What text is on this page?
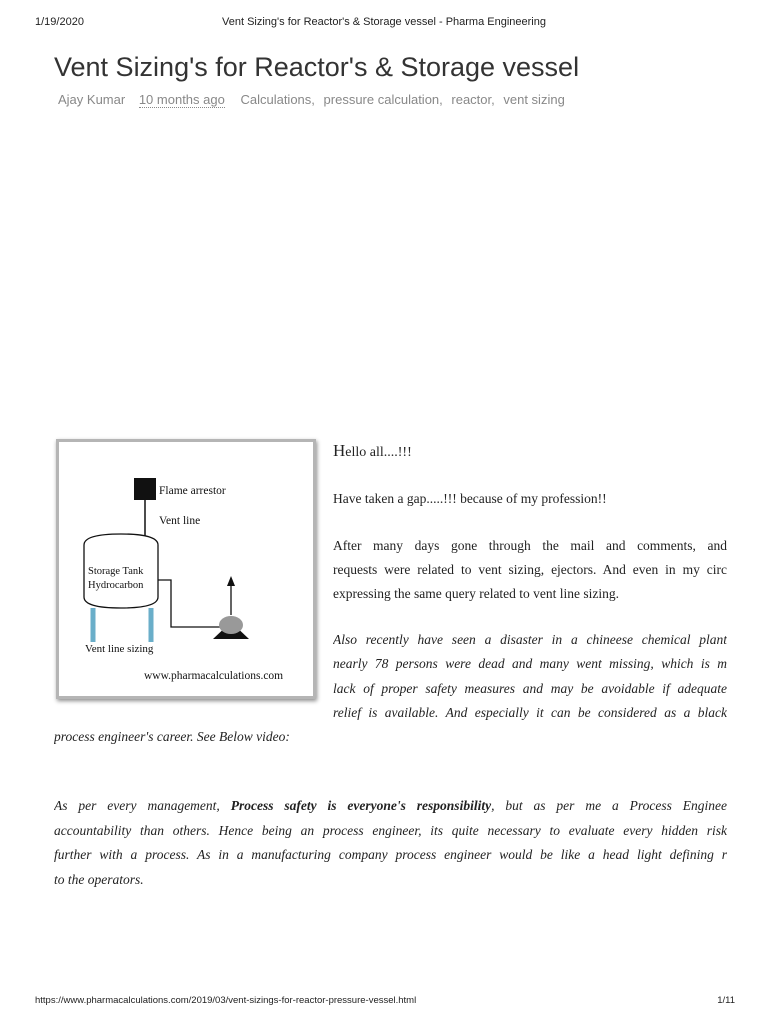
1/19/2020	Vent Sizing's for Reactor's & Storage vessel - Pharma Engineering
Vent Sizing's for Reactor's & Storage vessel
Ajay Kumar 10 months ago Calculations, pressure calculation, reactor, vent sizing
Flame arrestor
Vent line
Storage Tank
Hydrocarbon
Vent line sizing
www.pharmacalculations.com
Hello all....!!!
Have taken a gap.....!!! because of my profession!!
After many days gone through the mail and comments, and
requests were related to vent sizing, ejectors. And even in my circ
expressing the same query related to vent line sizing.
Also recently have seen a disaster in a chineese chemical plant
nearly 78 persons were dead and many went missing, which is m
lack of proper safety measures and may be avoidable if adequate
relief is available. And especially it can be considered as a black
process engineer's career. See Below video:
As per every management, Process safety is everyone's responsibility, but as per me a Process Enginee
accountability than others. Hence being an process engineer, its quite necessary to evaluate every hidden risk
further with a process. As in a manufacturing company process engineer would be like a head light defining r
to the operators.
https://www.pharmacalculations.com/2019/03/vent-sizings-for-reactor-pressure-vessel.html	1/11
